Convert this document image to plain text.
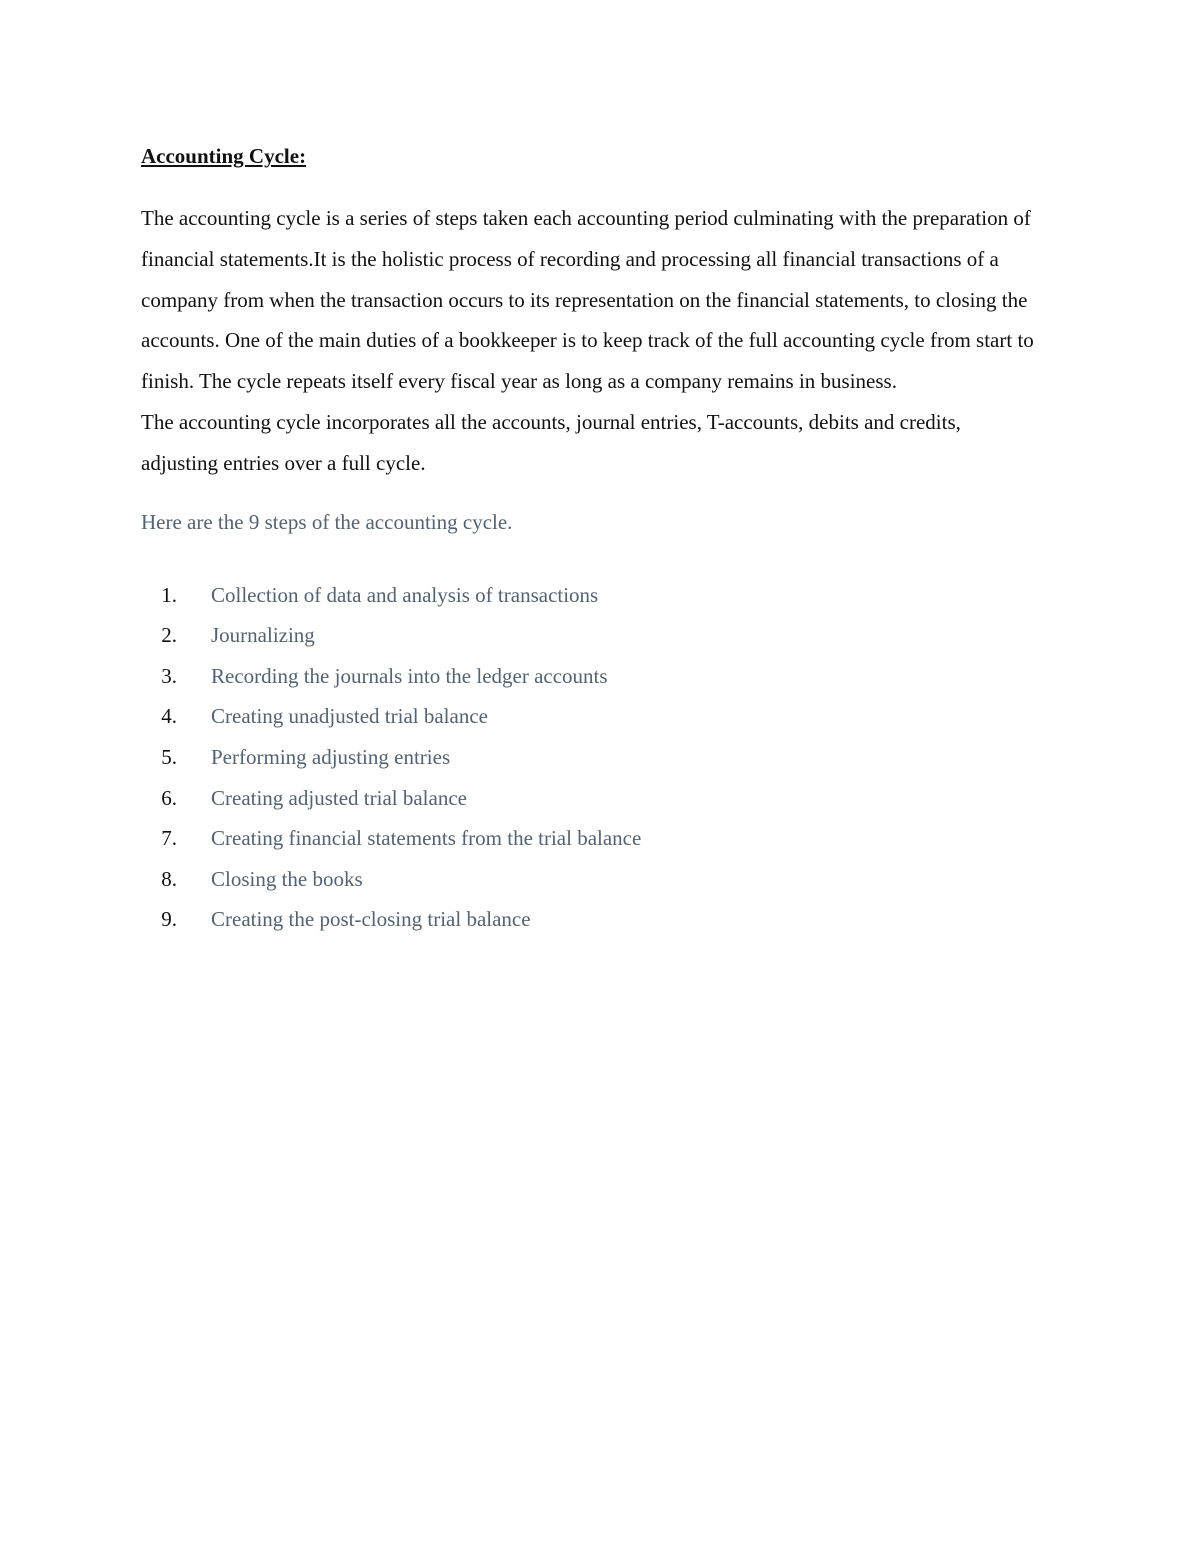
Accounting Cycle:

The accounting cycle is a series of steps taken each accounting period culminating with the preparation of financial statements.It is the holistic process of recording and processing all financial transactions of a company from when the transaction occurs to its representation on the financial statements, to closing the accounts. One of the main duties of a bookkeeper is to keep track of the full accounting cycle from start to finish. The cycle repeats itself every fiscal year as long as a company remains in business.

The accounting cycle incorporates all the accounts, journal entries, T-accounts, debits and credits, adjusting entries over a full cycle.

Here are the 9 steps of the accounting cycle.

1. Collection of data and analysis of transactions
2. Journalizing
3. Recording the journals into the ledger accounts
4. Creating unadjusted trial balance
5. Performing adjusting entries
6. Creating adjusted trial balance
7. Creating financial statements from the trial balance
8. Closing the books
9. Creating the post-closing trial balance
